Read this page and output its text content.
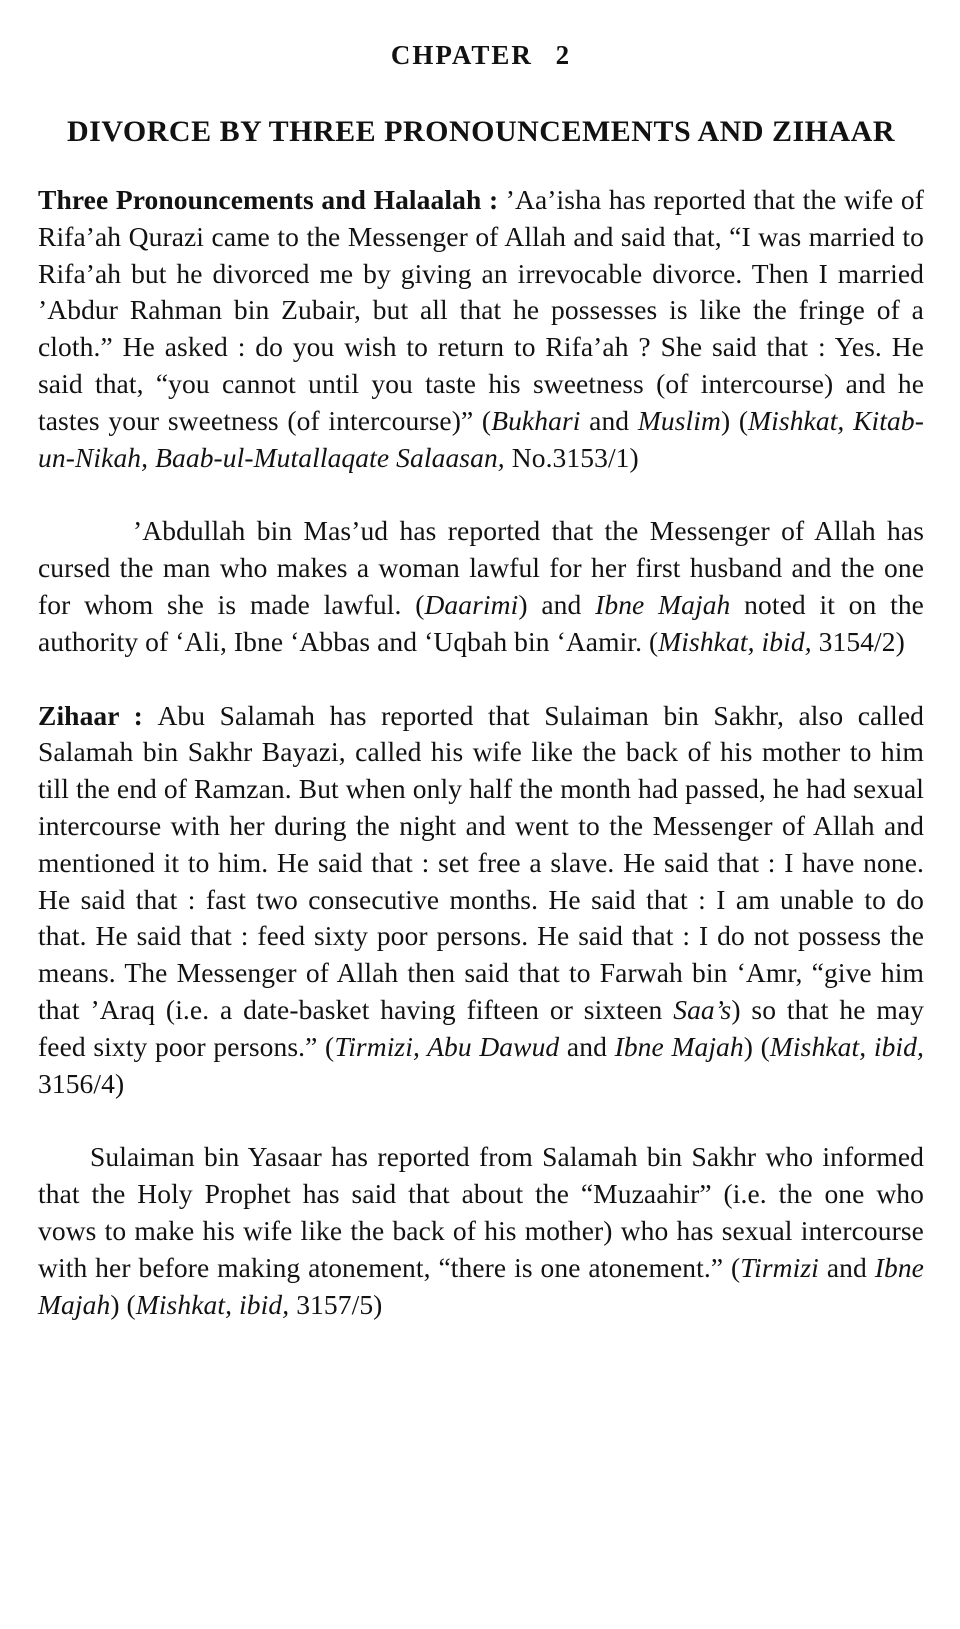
CHPATER 2
DIVORCE BY THREE PRONOUNCEMENTS AND ZIHAAR

Three Pronouncements and Halaalah : ’Aa’isha has reported that the wife of Rifa’ah Qurazi came to the Messenger of Allah and said that, “I was married to Rifa’ah but he divorced me by giving an irrevocable divorce. Then I married ’Abdur Rahman bin Zubair, but all that he possesses is like the fringe of a cloth.” He asked : do you wish to return to Rifa’ah ? She said that : Yes. He said that, “you cannot until you taste his sweetness (of intercourse) and he tastes your sweetness (of intercourse)” (Bukhari and Muslim) (Mishkat, Kitab-un-Nikah, Baab-ul-Mutallaqate Salaasan, No.3153/1)

’Abdullah bin Mas’ud has reported that the Messenger of Allah has cursed the man who makes a woman lawful for her first husband and the one for whom she is made lawful. (Daarimi) and Ibne Majah noted it on the authority of ‘Ali, Ibne ‘Abbas and ‘Uqbah bin ‘Aamir. (Mishkat, ibid, 3154/2)

Zihaar : Abu Salamah has reported that Sulaiman bin Sakhr, also called Salamah bin Sakhr Bayazi, called his wife like the back of his mother to him till the end of Ramzan. But when only half the month had passed, he had sexual intercourse with her during the night and went to the Messenger of Allah and mentioned it to him. He said that : set free a slave. He said that : I have none. He said that : fast two consecutive months. He said that : I am unable to do that. He said that : feed sixty poor persons. He said that : I do not possess the means. The Messenger of Allah then said that to Farwah bin ‘Amr, “give him that ’Araq (i.e. a date-basket having fifteen or sixteen Saa’s) so that he may feed sixty poor persons.” (Tirmizi, Abu Dawud and Ibne Majah) (Mishkat, ibid, 3156/4)

Sulaiman bin Yasaar has reported from Salamah bin Sakhr who informed that the Holy Prophet has said that about the “Muzaahir” (i.e. the one who vows to make his wife like the back of his mother) who has sexual intercourse with her before making atonement, “there is one atonement.” (Tirmizi and Ibne Majah) (Mishkat, ibid, 3157/5)
